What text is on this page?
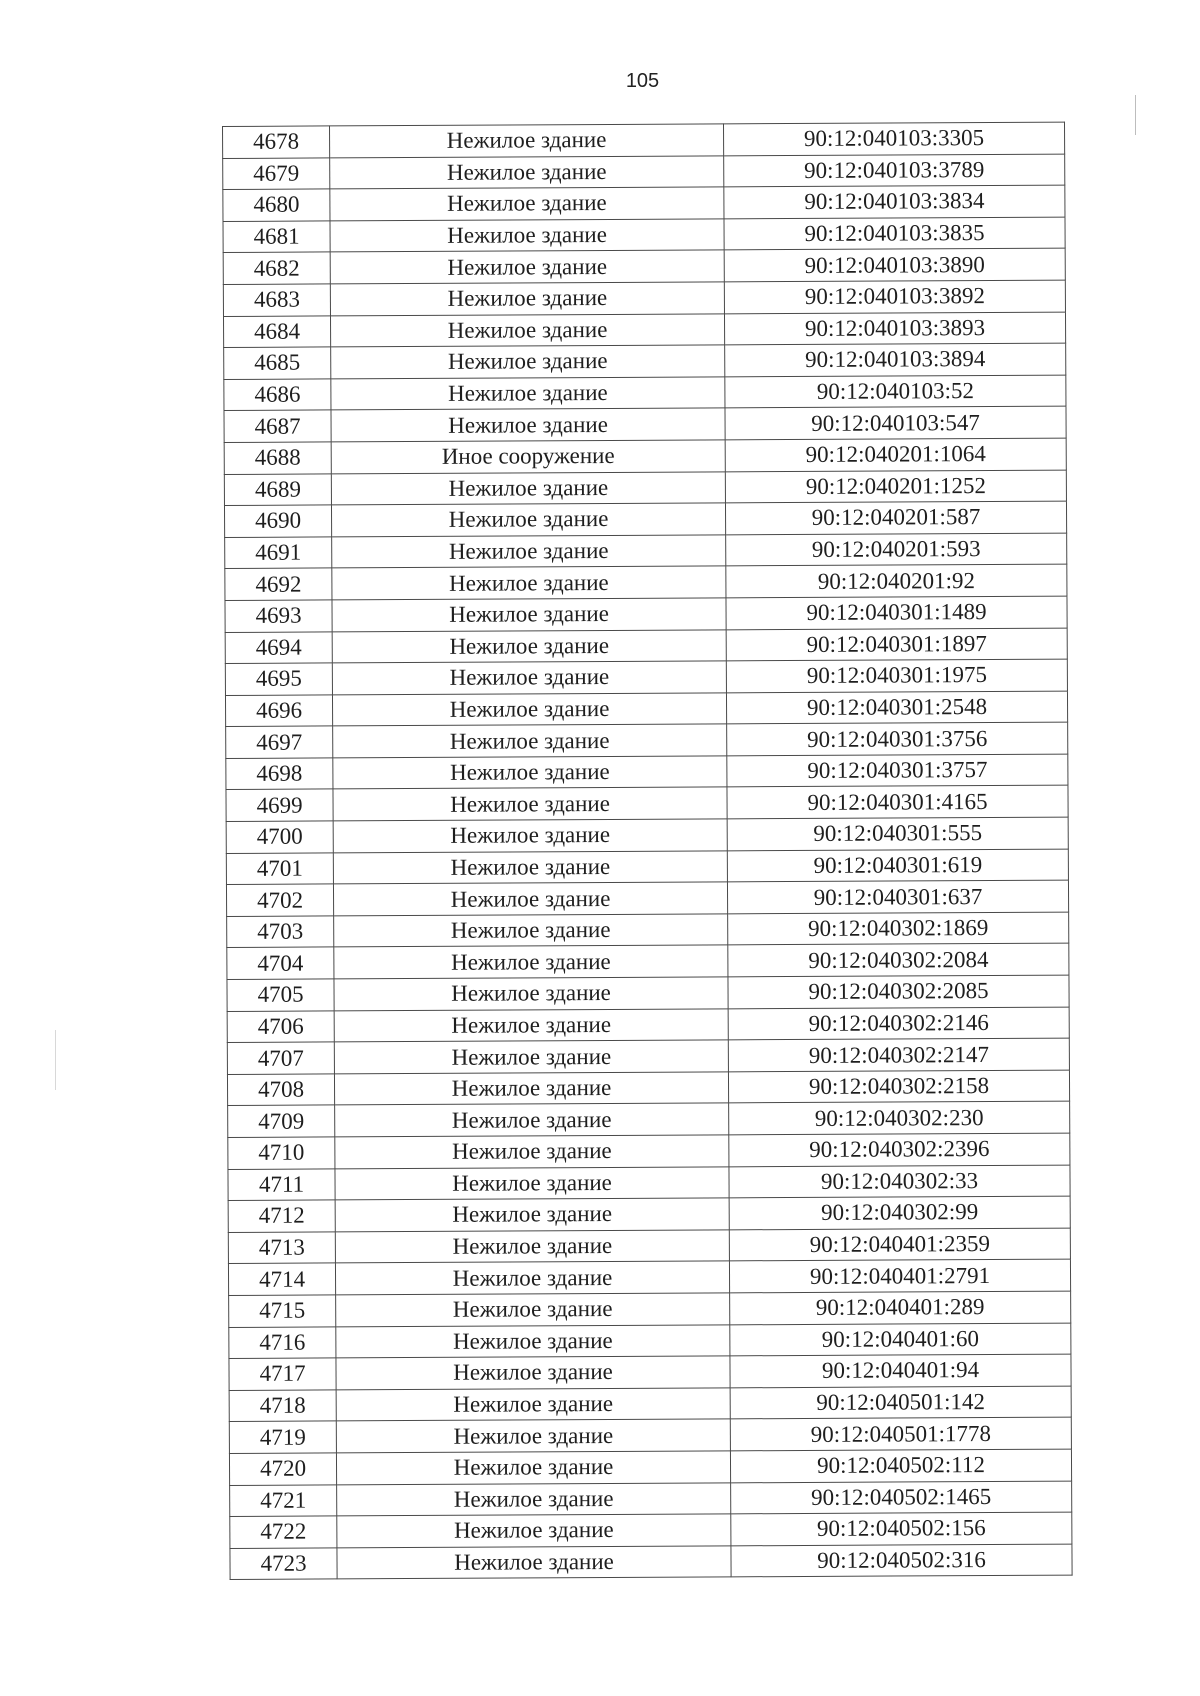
105
4678	Нежилое здание	90:12:040103:3305
4679	Нежилое здание	90:12:040103:3789
4680	Нежилое здание	90:12:040103:3834
4681	Нежилое здание	90:12:040103:3835
4682	Нежилое здание	90:12:040103:3890
4683	Нежилое здание	90:12:040103:3892
4684	Нежилое здание	90:12:040103:3893
4685	Нежилое здание	90:12:040103:3894
4686	Нежилое здание	90:12:040103:52
4687	Нежилое здание	90:12:040103:547
4688	Иное сооружение	90:12:040201:1064
4689	Нежилое здание	90:12:040201:1252
4690	Нежилое здание	90:12:040201:587
4691	Нежилое здание	90:12:040201:593
4692	Нежилое здание	90:12:040201:92
4693	Нежилое здание	90:12:040301:1489
4694	Нежилое здание	90:12:040301:1897
4695	Нежилое здание	90:12:040301:1975
4696	Нежилое здание	90:12:040301:2548
4697	Нежилое здание	90:12:040301:3756
4698	Нежилое здание	90:12:040301:3757
4699	Нежилое здание	90:12:040301:4165
4700	Нежилое здание	90:12:040301:555
4701	Нежилое здание	90:12:040301:619
4702	Нежилое здание	90:12:040301:637
4703	Нежилое здание	90:12:040302:1869
4704	Нежилое здание	90:12:040302:2084
4705	Нежилое здание	90:12:040302:2085
4706	Нежилое здание	90:12:040302:2146
4707	Нежилое здание	90:12:040302:2147
4708	Нежилое здание	90:12:040302:2158
4709	Нежилое здание	90:12:040302:230
4710	Нежилое здание	90:12:040302:2396
4711	Нежилое здание	90:12:040302:33
4712	Нежилое здание	90:12:040302:99
4713	Нежилое здание	90:12:040401:2359
4714	Нежилое здание	90:12:040401:2791
4715	Нежилое здание	90:12:040401:289
4716	Нежилое здание	90:12:040401:60
4717	Нежилое здание	90:12:040401:94
4718	Нежилое здание	90:12:040501:142
4719	Нежилое здание	90:12:040501:1778
4720	Нежилое здание	90:12:040502:112
4721	Нежилое здание	90:12:040502:1465
4722	Нежилое здание	90:12:040502:156
4723	Нежилое здание	90:12:040502:316
